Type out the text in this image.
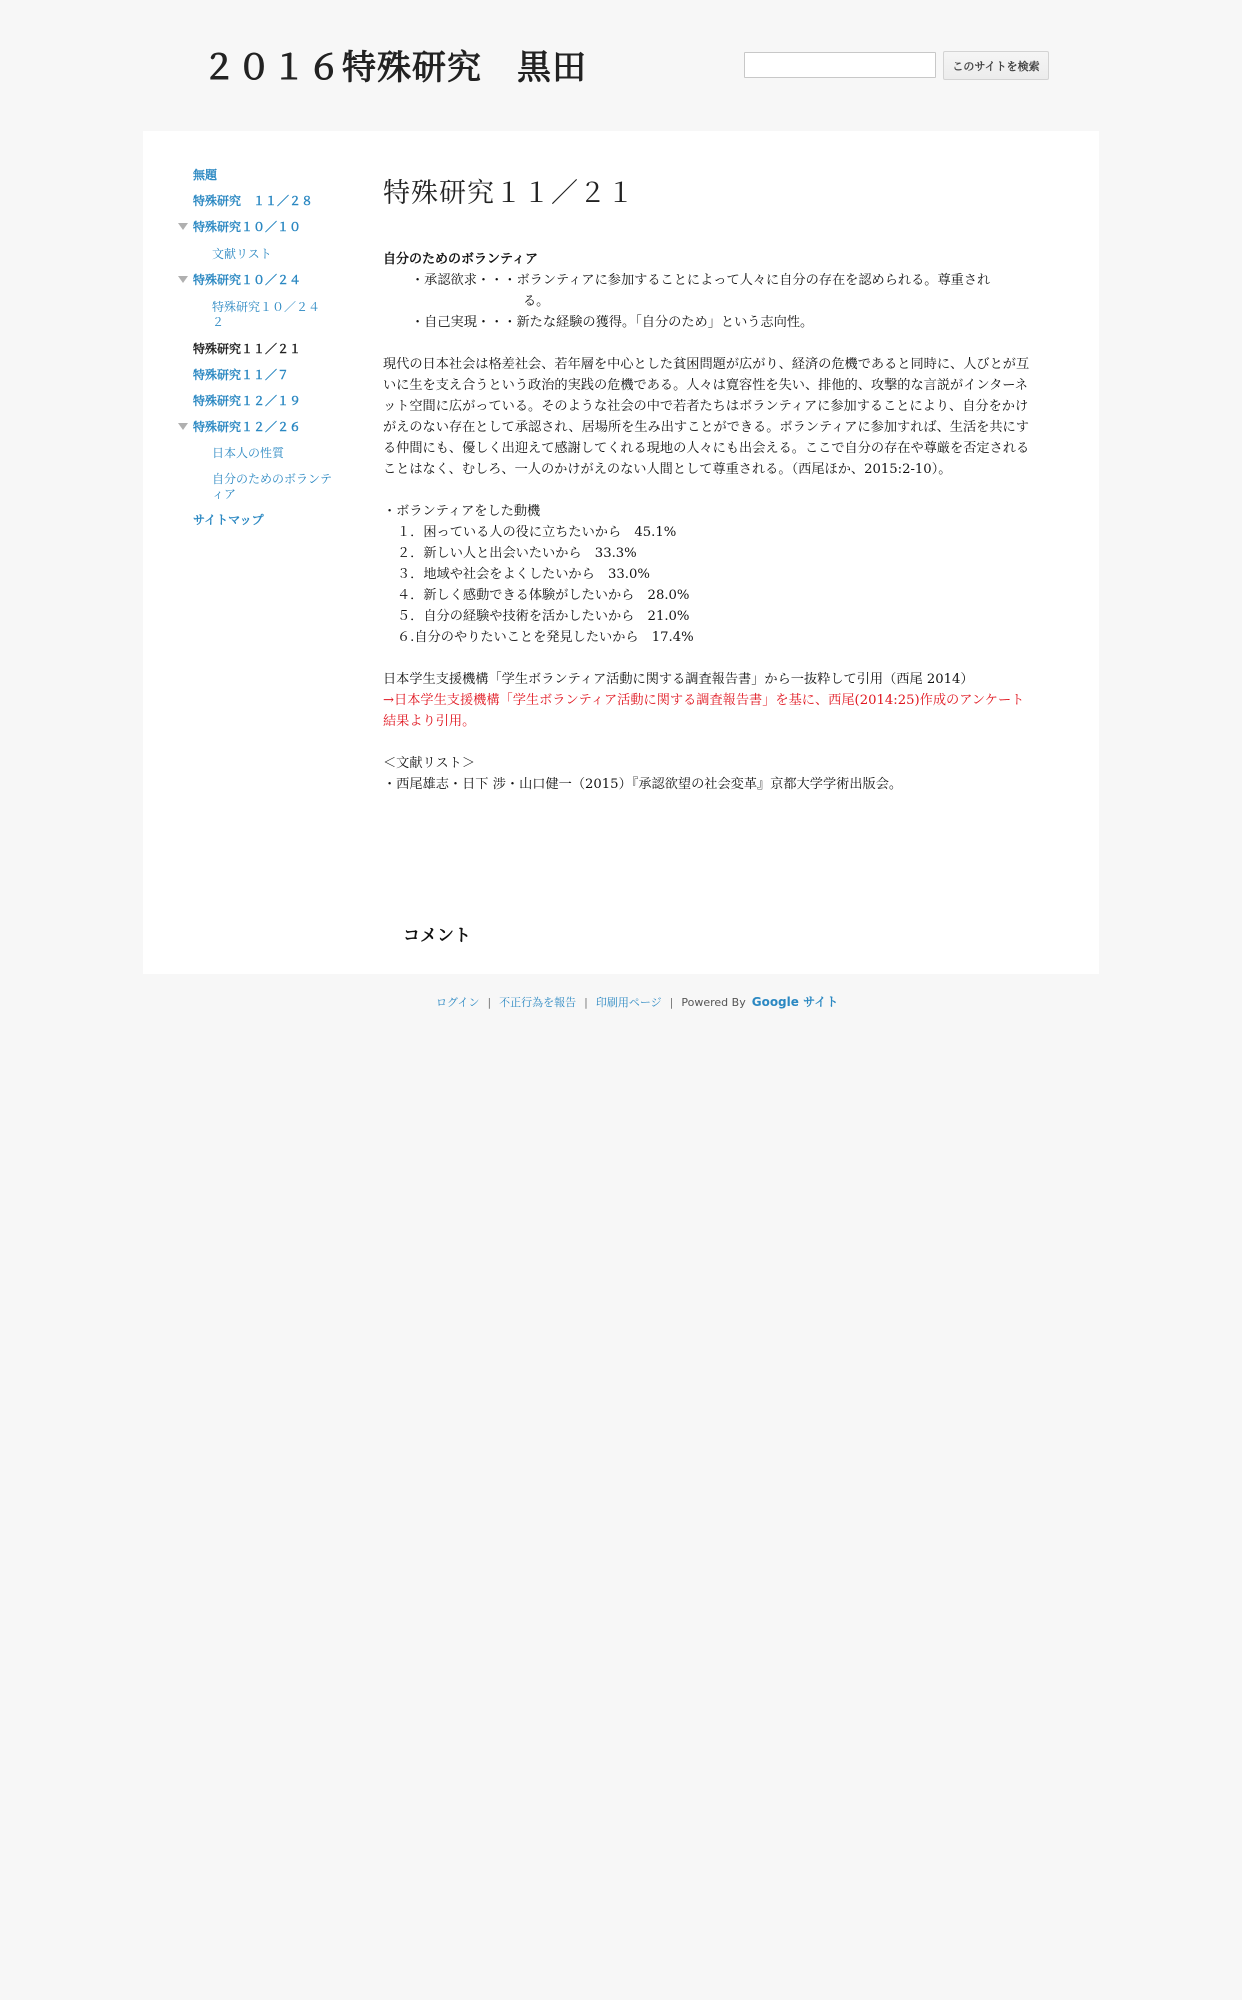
２０１６特殊研究　黒田	このサイトを検索
無題
特殊研究　１１／２８
特殊研究１０／１０
文献リスト
特殊研究１０／２４
特殊研究１０／２４
２
特殊研究１１／２１
特殊研究１１／７
特殊研究１２／１９
特殊研究１２／２６
日本人の性質
自分のためのボランティア
サイトマップ
特殊研究１１／２１

自分のためのボランティア

・承認欲求・・・ボランティアに参加することによって人々に自分の存在を認められる。尊重され

る。

・自己実現・・・新たな経験の獲得。「自分のため」という志向性。

現代の日本社会は格差社会、若年層を中心とした貧困問題が広がり、経済の危機であると同時に、人びとが互いに生を支え合うという政治的実践の危機である。人々は寛容性を失い、排他的、攻撃的な言説がインターネット空間に広がっている。そのような社会の中で若者たちはボランティアに参加することにより、自分をかけがえのない存在として承認され、居場所を生み出すことができる。ボランティアに参加すれば、生活を共にする仲間にも、優しく出迎えて感謝してくれる現地の人々にも出会える。ここで自分の存在や尊厳を否定されることはなく、むしろ、一人のかけがえのない人間として尊重される。（西尾ほか、2015:2-10）。

・ボランティアをした動機

１．困っている人の役に立ちたいから　45.1%

２．新しい人と出会いたいから　33.3%

３．地域や社会をよくしたいから　33.0%

４．新しく感動できる体験がしたいから　28.0%

５．自分の経験や技術を活かしたいから　21.0%

６.自分のやりたいことを発見したいから　17.4%

日本学生支援機構「学生ボランティア活動に関する調査報告書」から一抜粋して引用（西尾 2014）

→日本学生支援機構「学生ボランティア活動に関する調査報告書」を基に、西尾(2014:25)作成のアンケート結果より引用。

＜文献リスト＞

・西尾雄志・日下 涉・山口健一（2015）『承認欲望の社会変革』京都大学学術出版会。

コメント
ログイン | 不正行為を報告 | 印刷用ページ | Powered By Google サイト
